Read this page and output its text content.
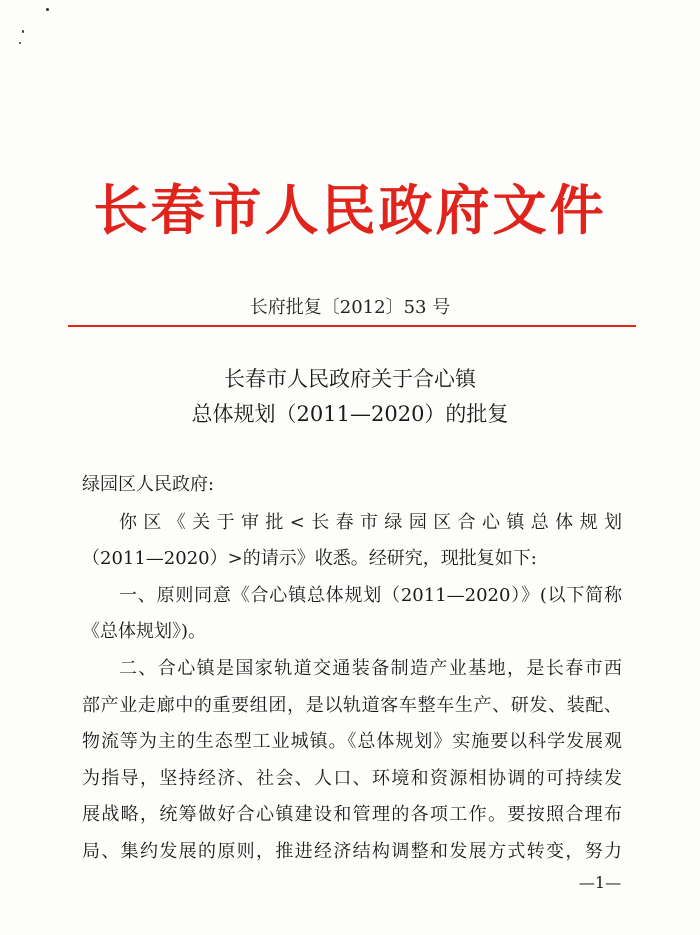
长春市人民政府文件
长府批复〔2012〕53 号
长春市人民政府关于合心镇
总体规划（2011—2020）的批复
绿园区人民政府:
你区《关于审批<长春市绿园区合心镇总体规划
（2011—2020）>的请示》收悉。经研究，现批复如下:
一、原则同意《合心镇总体规划（2011—2020）》(以下简称
《总体规划》)。
二、合心镇是国家轨道交通装备制造产业基地，是长春市西
部产业走廊中的重要组团，是以轨道客车整车生产、研发、装配、
物流等为主的生态型工业城镇。《总体规划》实施要以科学发展观
为指导，坚持经济、社会、人口、环境和资源相协调的可持续发
展战略，统筹做好合心镇建设和管理的各项工作。要按照合理布
局、集约发展的原则，推进经济结构调整和发展方式转变，努力
—1—
